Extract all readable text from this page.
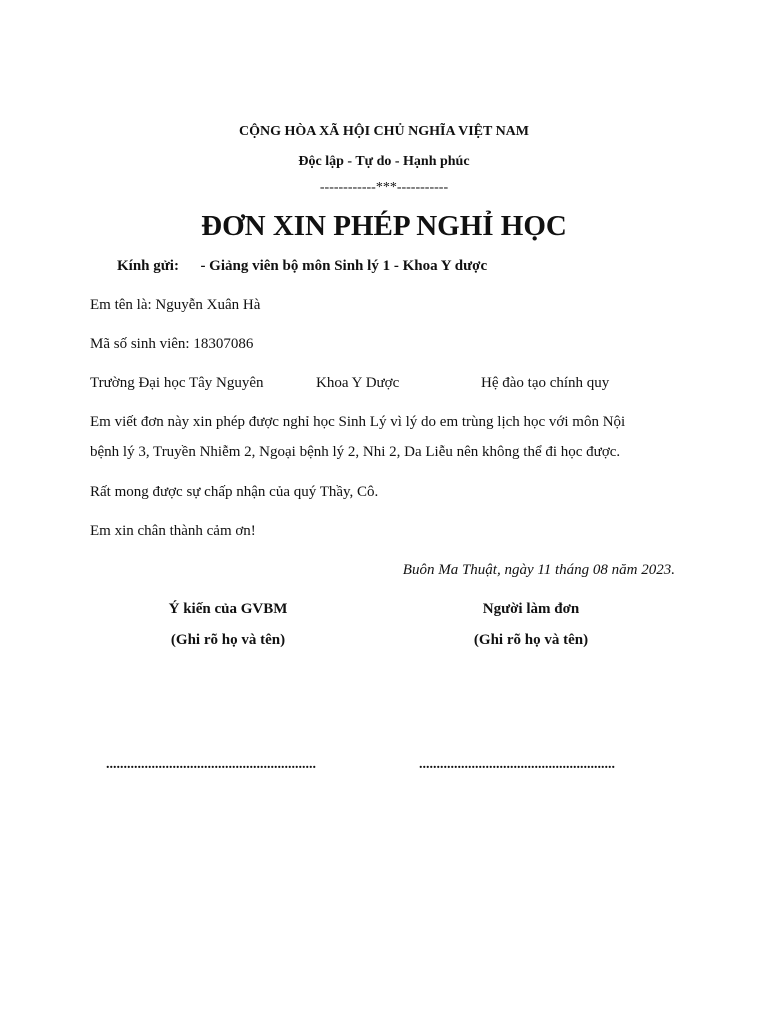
CỘNG HÒA XÃ HỘI CHỦ NGHĨA VIỆT NAM
Độc lập - Tự do - Hạnh phúc
------------***-----------
ĐƠN XIN PHÉP NGHỈ HỌC
Kính gửi: - Giảng viên bộ môn Sinh lý 1 - Khoa Y dược
Em tên là: Nguyễn Xuân Hà
Mã số sinh viên: 18307086
Trường Đại học Tây Nguyên	Khoa Y Dược	Hệ đào tạo chính quy
Em viết đơn này xin phép được nghỉ học Sinh Lý vì lý do em trùng lịch học với môn Nội
bệnh lý 3, Truyền Nhiễm 2, Ngoại bệnh lý 2, Nhi 2, Da Liễu nên không thể đi học được.
Rất mong được sự chấp nhận của quý Thầy, Cô.
Em xin chân thành cảm ơn!
Buôn Ma Thuật, ngày 11 tháng 08 năm 2023.
Ý kiến của GVBM
(Ghi rõ họ và tên)
............................................................
Người làm đơn
(Ghi rõ họ và tên)
........................................................
